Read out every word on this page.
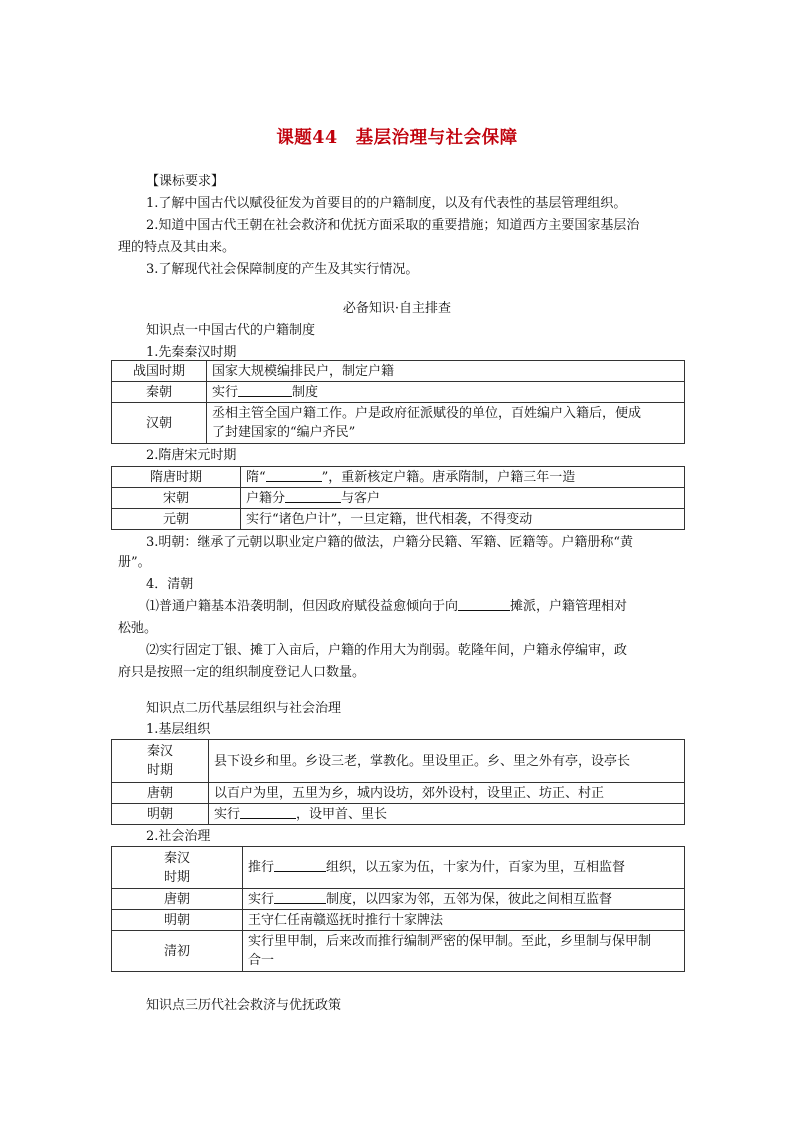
课题44　基层治理与社会保障
【课标要求】
1.了解中国古代以赋役征发为首要目的的户籍制度，以及有代表性的基层管理组织。
2.知道中国古代王朝在社会救济和优抚方面采取的重要措施；知道西方主要国家基层治
理的特点及其由来。
3.了解现代社会保障制度的产生及其实行情况。
必备知识·自主排查
知识点一中国古代的户籍制度
1.先秦秦汉时期
战国时期	国家大规模编排民户，制定户籍
秦朝	实行 制度
汉朝	丞相主管全国户籍工作。户是政府征派赋役的单位，百姓编户入籍后，便成
了封建国家的“编户齐民”
2.隋唐宋元时期
隋唐时期	隋“ ”，重新核定户籍。唐承隋制，户籍三年一造
宋朝	户籍分 与客户
元朝	实行“诸色户计”，一旦定籍，世代相袭，不得变动
3.明朝：继承了元朝以职业定户籍的做法，户籍分民籍、军籍、匠籍等。户籍册称“黄
册”。
4．清朝
⑴普通户籍基本沿袭明制，但因政府赋役益愈倾向于向	摊派，户籍管理相对
松弛。
⑵实行固定丁银、摊丁入亩后，户籍的作用大为削弱。乾隆年间，户籍永停编审，政
府只是按照一定的组织制度登记人口数量。
知识点二历代基层组织与社会治理
1.基层组织
秦汉
时期	县下设乡和里。乡设三老，掌教化。里设里正。乡、里之外有亭，设亭长
唐朝	以百户为里，五里为乡，城内设坊，郊外设村，设里正、坊正、村正
明朝	实行 ，设甲首、里长
2.社会治理
秦汉
时期	推行 组织，以五家为伍，十家为什，百家为里，互相监督
唐朝	实行 制度，以四家为邻，五邻为保，彼此之间相互监督
明朝	王守仁任南赣巡抚时推行十家牌法
清初	实行里甲制，后来改而推行编制严密的保甲制。至此，乡里制与保甲制
合一
知识点三历代社会救济与优抚政策
